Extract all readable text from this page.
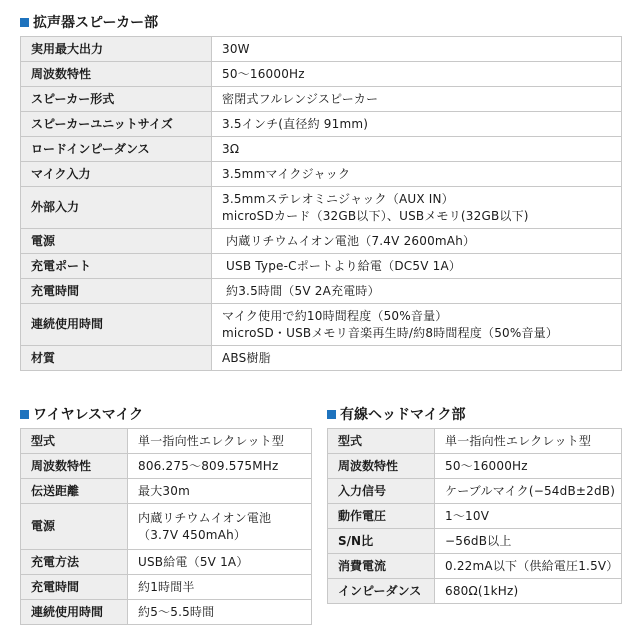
拡声器スピーカー部
実用最大出力	30W

周波数特性	50～16000Hz

スピーカー形式	密閉式フルレンジスピーカー

スピーカーユニットサイズ	3.5インチ(直径約 91mm)

ロードインピーダンス	3Ω

マイク入力	3.5mmマイクジャック

外部入力	3.5mmステレオミニジャック（AUX IN）
microSDカード（32GB以下）、USBメモリ(32GB以下)

電源	内蔵リチウムイオン電池（7.4V 2600mAh）

充電ポート	USB Type-Cポートより給電（DC5V 1A）

充電時間	約3.5時間（5V 2A充電時）

連続使用時間	マイク使用で約10時間程度（50%音量）
microSD・USBメモリ音楽再生時/約8時間程度（50%音量）

材質	ABS樹脂
ワイヤレスマイク
型式	単一指向性エレクレット型

周波数特性	806.275～809.575MHz

伝送距離	最大30m

電源	内蔵リチウムイオン電池
（3.7V 450mAh）

充電方法	USB給電（5V 1A）

充電時間	約1時間半

連続使用時間	約5～5.5時間
有線ヘッドマイク部
型式	単一指向性エレクレット型

周波数特性	50～16000Hz

入力信号	ケーブルマイク(−54dB±2dB)

動作電圧	1～10V

S/N比	−56dB以上

消費電流	0.22mA以下（供給電圧1.5V）

インピーダンス	680Ω(1kHz)
